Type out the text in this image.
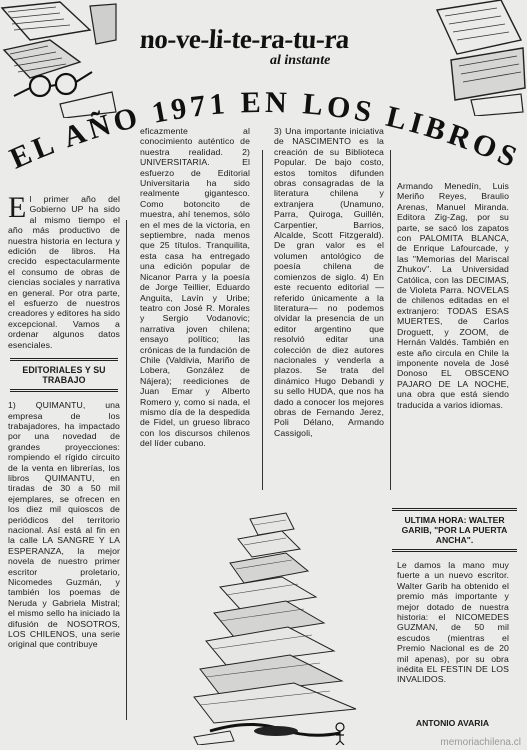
no-ve-li-te-ra-tu-ra
al instante
EL AÑO 1971 EN LOS LIBROS

El primer año del Gobierno UP ha sido al mismo tiempo el año más productivo de nuestra historia en lectura y edición de libros. Ha crecido espectacularmente el consumo de obras de ciencias sociales y narrativa en general. Por otra parte, el esfuerzo de nuestros creadores y editores ha sido excepcional. Vamos a ordenar algunos datos esenciales.

EDITORIALES Y SU TRABAJO

1) QUIMANTU, una empresa de los trabajadores, ha impactado por una novedad de grandes proyecciones: rompiendo el rígido circuito de la venta en librerías, los libros QUIMANTU, en tiradas de 30 a 50 mil ejemplares, se ofrecen en los diez mil quioscos de periódicos del territorio nacional. Así está al fin en la calle LA SANGRE Y LA ESPERANZA, la mejor novela de nuestro primer escritor proletario, Nicomedes Guzmán, y también los poemas de Neruda y Gabriela Mistral; el mismo sello ha iniciado la difusión de NOSOTROS, LOS CHILENOS, una serie original que contribuye

eficazmente al conocimiento auténtico de nuestra realidad. 2) UNIVERSITARIA. El esfuerzo de Editorial Universitaria ha sido realmente gigantesco. Como botoncito de muestra, ahí tenemos, sólo en el mes de la victoria, en septiembre, nada menos que 25 títulos. Tranquilita, esta casa ha entregado una edición popular de Nicanor Parra y la poesía de Jorge Teillier, Eduardo Anguita, Lavín y Uribe; teatro con José R. Morales y Sergio Vodanovic; narrativa joven chilena; ensayo político; las crónicas de la fundación de Chile (Valdivia, Mariño de Lobera, González de Nájera); reediciones de Juan Emar y Alberto Romero y, como si nada, el mismo día de la despedida de Fidel, un grueso libraco con los discursos chilenos del líder cubano.

3) Una importante iniciativa de NASCIMENTO es la creación de su Biblioteca Popular. De bajo costo, estos tomitos difunden obras consagradas de la literatura chilena y extranjera (Unamuno, Parra, Quiroga, Guillén, Carpentier, Barrios, Alcalde, Scott Fitzgerald). De gran valor es el volumen antológico de poesía chilena de comienzos de siglo. 4) En este recuento editorial —referido únicamente a la literatura— no podemos olvidar la presencia de un editor argentino que resolvió editar una colección de diez autores nacionales y venderla a plazos. Se trata del dinámico Hugo Debandi y su sello HUDA, que nos ha dado a conocer los mejores obras de Fernando Jerez, Poli Délano, Armando Cassigoli,

Armando Menedín, Luis Meriño Reyes, Braulio Arenas, Manuel Miranda. Editora Zig-Zag, por su parte, se sacó los zapatos con PALOMITA BLANCA, de Enrique Lafourcade, y las "Memorias del Mariscal Zhukov". La Universidad Católica, con las DECIMAS, de Violeta Parra. NOVELAS de chilenos editadas en el extranjero: TODAS ESAS MUERTES, de Carlos Droguett, y ZOOM, de Hernán Valdés. También en este año circula en Chile la imponente novela de José Donoso EL OBSCENO PAJARO DE LA NOCHE, una obra que está siendo traducida a varios idiomas.

ULTIMA HORA: WALTER GARIB, "POR LA PUERTA ANCHA".

Le damos la mano muy fuerte a un nuevo escritor. Walter Garib ha obtenido el premio más importante y mejor dotado de nuestra historia: el NICOMEDES GUZMAN, de 50 mil escudos (mientras el Premio Nacional es de 20 mil apenas), por su obra inédita EL FESTIN DE LOS INVALIDOS.

ANTONIO AVARIA
memoriachilena.cl
